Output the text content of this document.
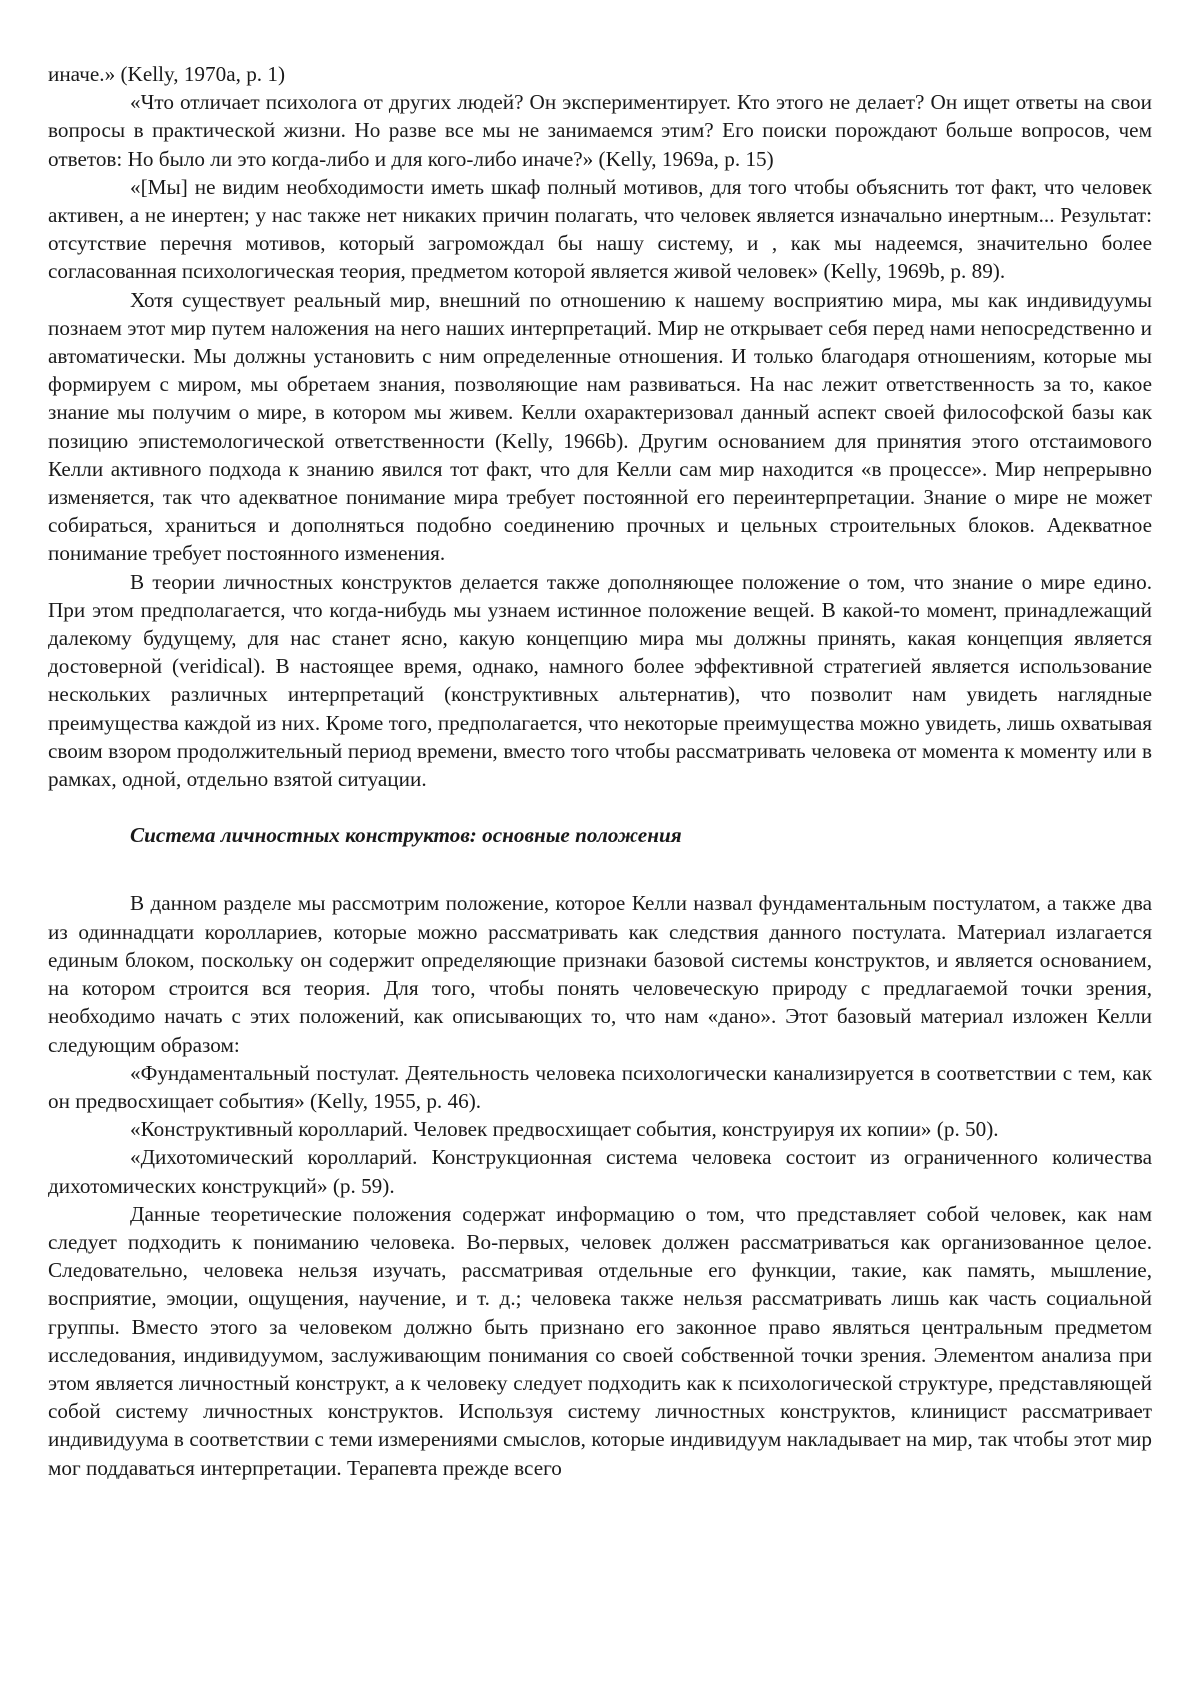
иначе.» (Kelly, 1970a, p. 1)

«Что отличает психолога от других людей? Он экспериментирует. Кто этого не делает? Он ищет ответы на свои вопросы в практической жизни. Но разве все мы не занимаемся этим? Его поиски порождают больше вопросов, чем ответов: Но было ли это когда-либо и для кого-либо иначе?» (Kelly, 1969a, p. 15)

«[Мы] не видим необходимости иметь шкаф полный мотивов, для того чтобы объяснить тот факт, что человек активен, а не инертен; у нас также нет никаких причин полагать, что человек является изначально инертным... Результат: отсутствие перечня мотивов, который загромождал бы нашу систему, и , как мы надеемся, значительно более согласованная психологическая теория, предметом которой является живой человек» (Kelly, 1969b, p. 89).

Хотя существует реальный мир, внешний по отношению к нашему восприятию мира, мы как индивидуумы познаем этот мир путем наложения на него наших интерпретаций. Мир не открывает себя перед нами непосредственно и автоматически. Мы должны установить с ним определенные отношения. И только благодаря отношениям, которые мы формируем с миром, мы обретаем знания, позволяющие нам развиваться. На нас лежит ответственность за то, какое знание мы получим о мире, в котором мы живем. Келли охарактеризовал данный аспект своей философской базы как позицию эпистемологической ответственности (Kelly, 1966b). Другим основанием для принятия этого отстаимового Келли активного подхода к знанию явился тот факт, что для Келли сам мир находится «в процессе». Мир непрерывно изменяется, так что адекватное понимание мира требует постоянной его переинтерпретации. Знание о мире не может собираться, храниться и дополняться подобно соединению прочных и цельных строительных блоков. Адекватное понимание требует постоянного изменения.

В теории личностных конструктов делается также дополняющее положение о том, что знание о мире едино. При этом предполагается, что когда-нибудь мы узнаем истинное положение вещей. В какой-то момент, принадлежащий далекому будущему, для нас станет ясно, какую концепцию мира мы должны принять, какая концепция является достоверной (veridical). В настоящее время, однако, намного более эффективной стратегией является использование нескольких различных интерпретаций (конструктивных альтернатив), что позволит нам увидеть наглядные преимущества каждой из них. Кроме того, предполагается, что некоторые преимущества можно увидеть, лишь охватывая своим взором продолжительный период времени, вместо того чтобы рассматривать человека от момента к моменту или в рамках, одной, отдельно взятой ситуации.

Система личностных конструктов: основные положения

В данном разделе мы рассмотрим положение, которое Келли назвал фундаментальным постулатом, а также два из одиннадцати короллариев, которые можно рассматривать как следствия данного постулата. Материал излагается единым блоком, поскольку он содержит определяющие признаки базовой системы конструктов, и является основанием, на котором строится вся теория. Для того, чтобы понять человеческую природу с предлагаемой точки зрения, необходимо начать с этих положений, как описывающих то, что нам «дано». Этот базовый материал изложен Келли следующим образом:

«Фундаментальный постулат. Деятельность человека психологически канализируется в соответствии с тем, как он предвосхищает события» (Kelly, 1955, p. 46).

«Конструктивный королларий. Человек предвосхищает события, конструируя их копии» (p. 50).

«Дихотомический королларий. Конструкционная система человека состоит из ограниченного количества дихотомических конструкций» (p. 59).

Данные теоретические положения содержат информацию о том, что представляет собой человек, как нам следует подходить к пониманию человека. Во-первых, человек должен рассматриваться как организованное целое. Следовательно, человека нельзя изучать, рассматривая отдельные его функции, такие, как память, мышление, восприятие, эмоции, ощущения, научение, и т. д.; человека также нельзя рассматривать лишь как часть социальной группы. Вместо этого за человеком должно быть признано его законное право являться центральным предметом исследования, индивидуумом, заслуживающим понимания со своей собственной точки зрения. Элементом анализа при этом является личностный конструкт, а к человеку следует подходить как к психологической структуре, представляющей собой систему личностных конструктов. Используя систему личностных конструктов, клиницист рассматривает индивидуума в соответствии с теми измерениями смыслов, которые индивидуум накладывает на мир, так чтобы этот мир мог поддаваться интерпретации. Терапевта прежде всего
